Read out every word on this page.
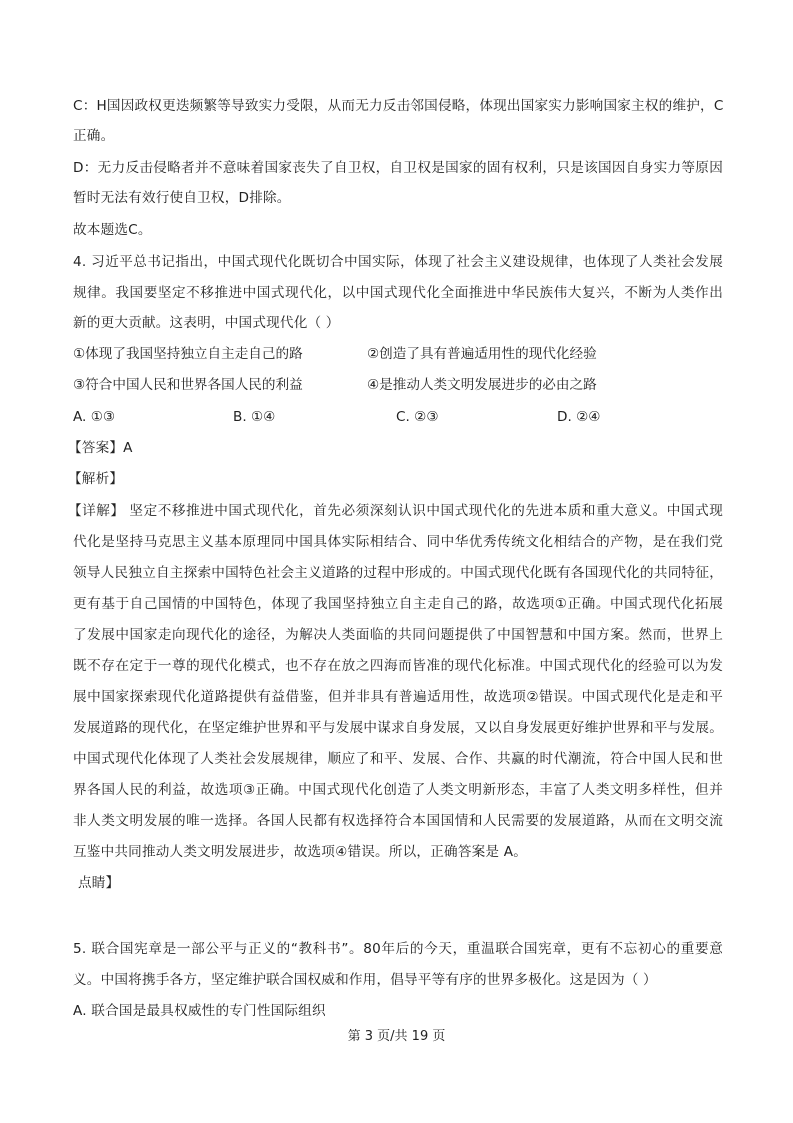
C：H国因政权更迭频繁等导致实力受限，从而无力反击邻国侵略，体现出国家实力影响国家主权的维护，C
正确。
D：无力反击侵略者并不意味着国家丧失了自卫权，自卫权是国家的固有权利，只是该国因自身实力等原因
暂时无法有效行使自卫权，D排除。
故本题选C。
4. 习近平总书记指出，中国式现代化既切合中国实际，体现了社会主义建设规律，也体现了人类社会发展
规律。我国要坚定不移推进中国式现代化，以中国式现代化全面推进中华民族伟大复兴，不断为人类作出
新的更大贡献。这表明，中国式现代化（ ）
①体现了我国坚持独立自主走自己的路	②创造了具有普遍适用性的现代化经验
③符合中国人民和世界各国人民的利益	④是推动人类文明发展进步的必由之路
A. ①③	B. ①④	C. ②③	D. ②④
【答案】A
【解析】
【详解】 坚定不移推进中国式现代化，首先必须深刻认识中国式现代化的先进本质和重大意义。中国式现
代化是坚持马克思主义基本原理同中国具体实际相结合、同中华优秀传统文化相结合的产物，是在我们党
领导人民独立自主探索中国特色社会主义道路的过程中形成的。中国式现代化既有各国现代化的共同特征，
更有基于自己国情的中国特色，体现了我国坚持独立自主走自己的路，故选项①正确。中国式现代化拓展
了发展中国家走向现代化的途径，为解决人类面临的共同问题提供了中国智慧和中国方案。然而，世界上
既不存在定于一尊的现代化模式，也不存在放之四海而皆准的现代化标准。中国式现代化的经验可以为发
展中国家探索现代化道路提供有益借鉴，但并非具有普遍适用性，故选项②错误。中国式现代化是走和平
发展道路的现代化，在坚定维护世界和平与发展中谋求自身发展，又以自身发展更好维护世界和平与发展。
中国式现代化体现了人类社会发展规律，顺应了和平、发展、合作、共赢的时代潮流，符合中国人民和世
界各国人民的利益，故选项③正确。中国式现代化创造了人类文明新形态，丰富了人类文明多样性，但并
非人类文明发展的唯一选择。各国人民都有权选择符合本国国情和人民需要的发展道路，从而在文明交流
互鉴中共同推动人类文明发展进步，故选项④错误。所以，正确答案是 A。
点睛】
5. 联合国宪章是一部公平与正义的“教科书”。80年后的今天，重温联合国宪章，更有不忘初心的重要意
义。中国将携手各方，坚定维护联合国权威和作用，倡导平等有序的世界多极化。这是因为（ ）
A. 联合国是最具权威性的专门性国际组织
第 3 页/共 19 页
